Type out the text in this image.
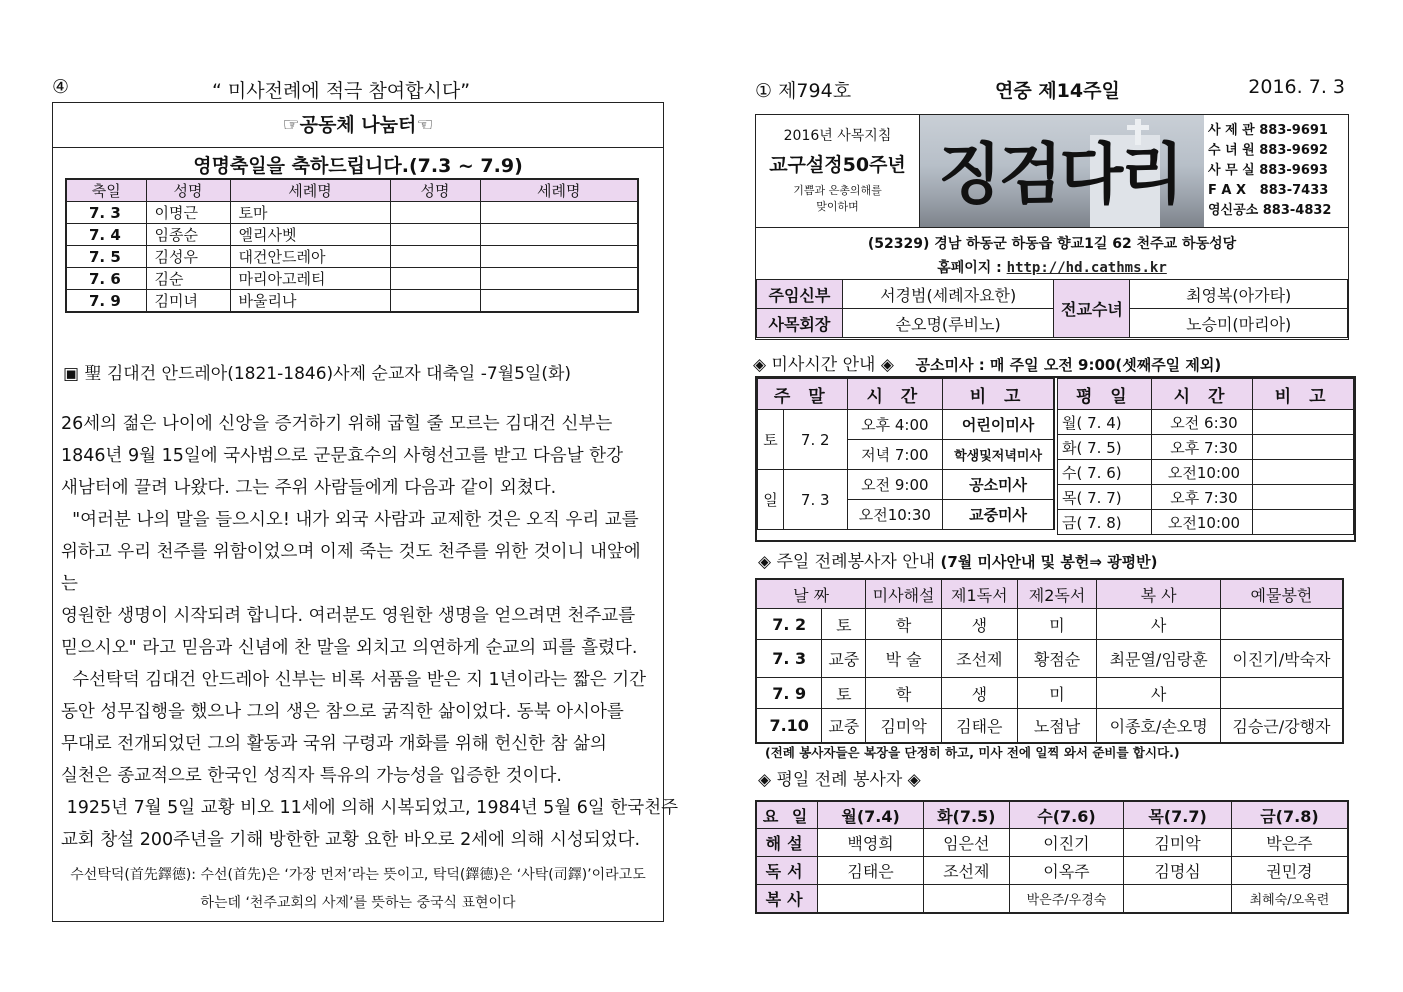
④	“ 미사전례에 적극 참여합시다”
☞공동체 나눔터☜
영명축일을 축하드립니다.(7.3 ~ 7.9)
축일	성명	세례명	성명	세례명
7. 3	이명근	토마		
7. 4	임종순	엘리사벳		
7. 5	김성우	대건안드레아		
7. 6	김순	마리아고레티		
7. 9	김미녀	바울리나		
▣ 聖 김대건 안드레아(1821-1846)사제 순교자 대축일 -7월5일(화)

26세의 젊은 나이에 신앙을 증거하기 위해 굽힐 줄 모르는 김대건 신부는

1846년 9월 15일에 국사범으로 군문효수의 사형선고를 받고 다음날 한강

새남터에 끌려 나왔다. 그는 주위 사람들에게 다음과 같이 외쳤다.

"여러분 나의 말을 들으시오! 내가 외국 사람과 교제한 것은 오직 우리 교를

위하고 우리 천주를 위함이었으며 이제 죽는 것도 천주를 위한 것이니 내앞에는

영원한 생명이 시작되려 합니다. 여러분도 영원한 생명을 얻으려면 천주교를

믿으시오" 라고 믿음과 신념에 찬 말을 외치고 의연하게 순교의 피를 흘렸다.

수선탁덕 김대건 안드레아 신부는 비록 서품을 받은 지 1년이라는 짧은 기간

동안 성무집행을 했으나 그의 생은 참으로 굵직한 삶이었다. 동북 아시아를

무대로 전개되었던 그의 활동과 국위 구령과 개화를 위해 헌신한 참 삶의

실천은 종교적으로 한국인 성직자 특유의 가능성을 입증한 것이다.

1925년 7월 5일 교황 비오 11세에 의해 시복되었고, 1984년 5월 6일 한국천주

교회 창설 200주년을 기해 방한한 교황 요한 바오로 2세에 의해 시성되었다.

수선탁덕(首先鐸德): 수선(首先)은 ‘가장 먼저’라는 뜻이고, 탁덕(鐸德)은 ‘사탁(司鐸)’이라고도
하는데 ‘천주교회의 사제’를 뜻하는 중국식 표현이다
① 제794호	연중 제14주일	2016. 7. 3
2016년 사목지침
교구설정50주년
기쁨과 은총의해를
맞이하며	징검다리
사 제 관 883-9691
수 녀 원 883-9692
사 무 실 883-9693
F A X   883-7433
영신공소 883-4832
(52329) 경남 하동군 하동읍 향교1길 62 천주교 하동성당
홈페이지 : http://hd.cathms.kr
주임신부	서경범(세례자요한)	전교수녀	최영복(아가타)
사목회장	손오명(루비노)		노승미(마리아)
◈ 미사시간 안내 ◈ 공소미사 : 매 주일 오전 9:00(셋째주일 제외)
주 말		시 간	비 고
토	7. 2	오후 4:00	어린이미사
		저녁 7:00	학생및저녁미사
일	7. 3	오전 9:00	공소미사
		오전10:30	교중미사
평 일	시 간	비 고
월( 7. 4)	오전 6:30	
화( 7. 5)	오후 7:30	
수( 7. 6)	오전10:00	
목( 7. 7)	오후 7:30	
금( 7. 8)	오전10:00	
◈ 주일 전례봉사자 안내 (7월 미사안내 및 봉헌⇒ 광평반)
날 짜		미사해설	제1독서	제2독서	복 사	예물봉헌
7. 2	토	학	생	미	사	
7. 3	교중	박 술	조선제	황점순	최문열/임랑훈	이진기/박숙자
7. 9	토	학	생	미	사	
7.10	교중	김미악	김태은	노점남	이종호/손오명	김승근/강행자
(전례 봉사자들은 복장을 단정히 하고, 미사 전에 일찍 와서 준비를 합시다.)
◈ 평일 전례 봉사자 ◈
요 일	월(7.4)	화(7.5)	수(7.6)	목(7.7)	금(7.8)
해설	백영희	임은선	이진기	김미악	박은주
독서	김태은	조선제	이옥주	김명심	권민경
복사			박은주/우경숙		최혜숙/오옥련
